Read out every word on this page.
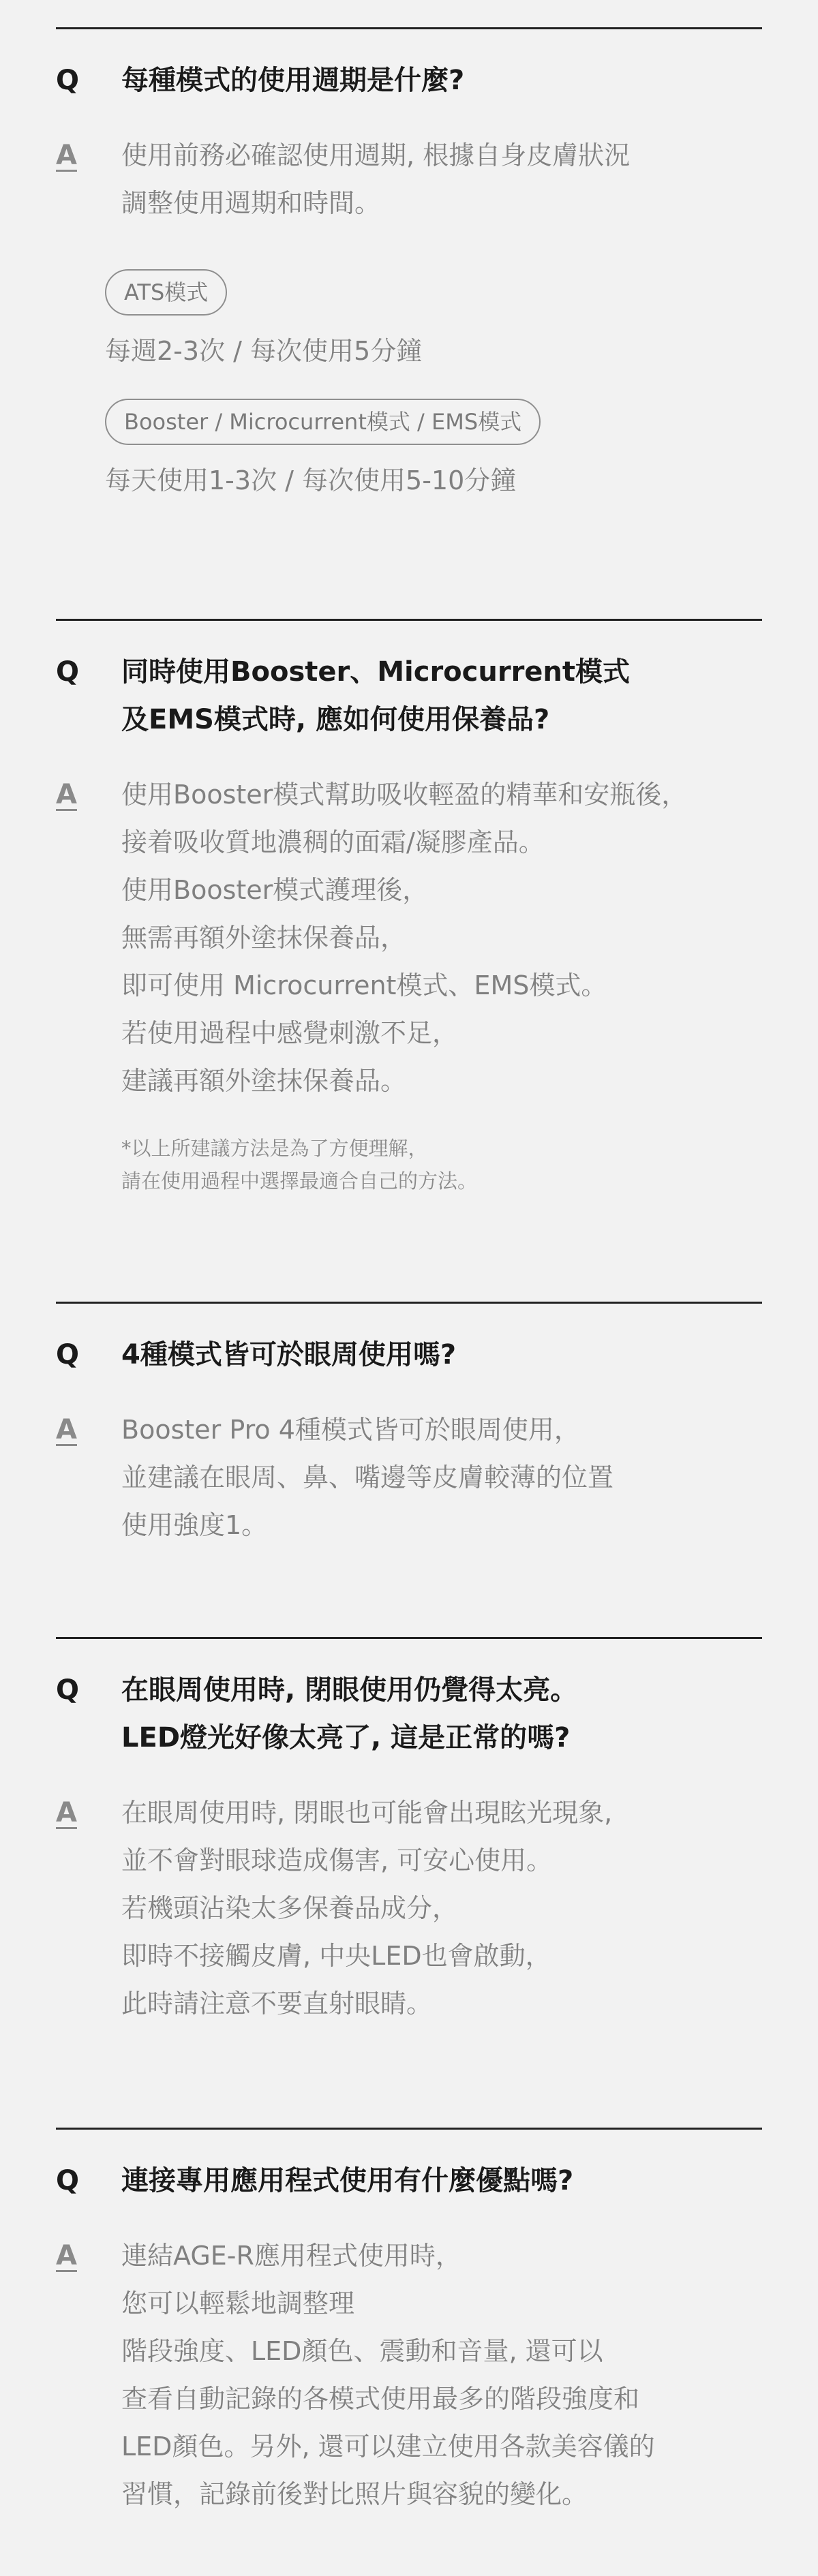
Q	每種模式的使用週期是什麼?
A	使用前務必確認使用週期, 根據自身皮膚狀況
調整使用週期和時間。
ATS模式
每週2-3次 / 每次使用5分鐘
Booster / Microcurrent模式 / EMS模式
每天使用1-3次 / 每次使用5-10分鐘
Q	同時使用Booster、Microcurrent模式
及EMS模式時, 應如何使用保養品?
A	使用Booster模式幫助吸收輕盈的精華和安瓶後，
接着吸收質地濃稠的面霜/凝膠產品。
使用Booster模式護理後，
無需再額外塗抹保養品，
即可使用 Microcurrent模式、EMS模式。
若使用過程中感覺刺激不足，
建議再額外塗抹保養品。
*以上所建議方法是為了方便理解，
請在使用過程中選擇最適合自己的方法。
Q	4種模式皆可於眼周使用嗎?
A	Booster Pro 4種模式皆可於眼周使用，
並建議在眼周、鼻、嘴邊等皮膚較薄的位置
使用強度1。
Q	在眼周使用時, 閉眼使用仍覺得太亮。
LED燈光好像太亮了, 這是正常的嗎?
A	在眼周使用時, 閉眼也可能會出現眩光現象,
並不會對眼球造成傷害, 可安心使用。
若機頭沾染太多保養品成分，
即時不接觸皮膚, 中央LED也會啟動，
此時請注意不要直射眼睛。
Q	連接專用應用程式使用有什麼優點嗎?
A	連結AGE-R應用程式使用時，
您可以輕鬆地調整理
階段強度、LED顏色、震動和音量, 還可以
查看自動記錄的各模式使用最多的階段強度和
LED顏色。另外, 還可以建立使用各款美容儀的
習慣，記錄前後對比照片與容貌的變化。
